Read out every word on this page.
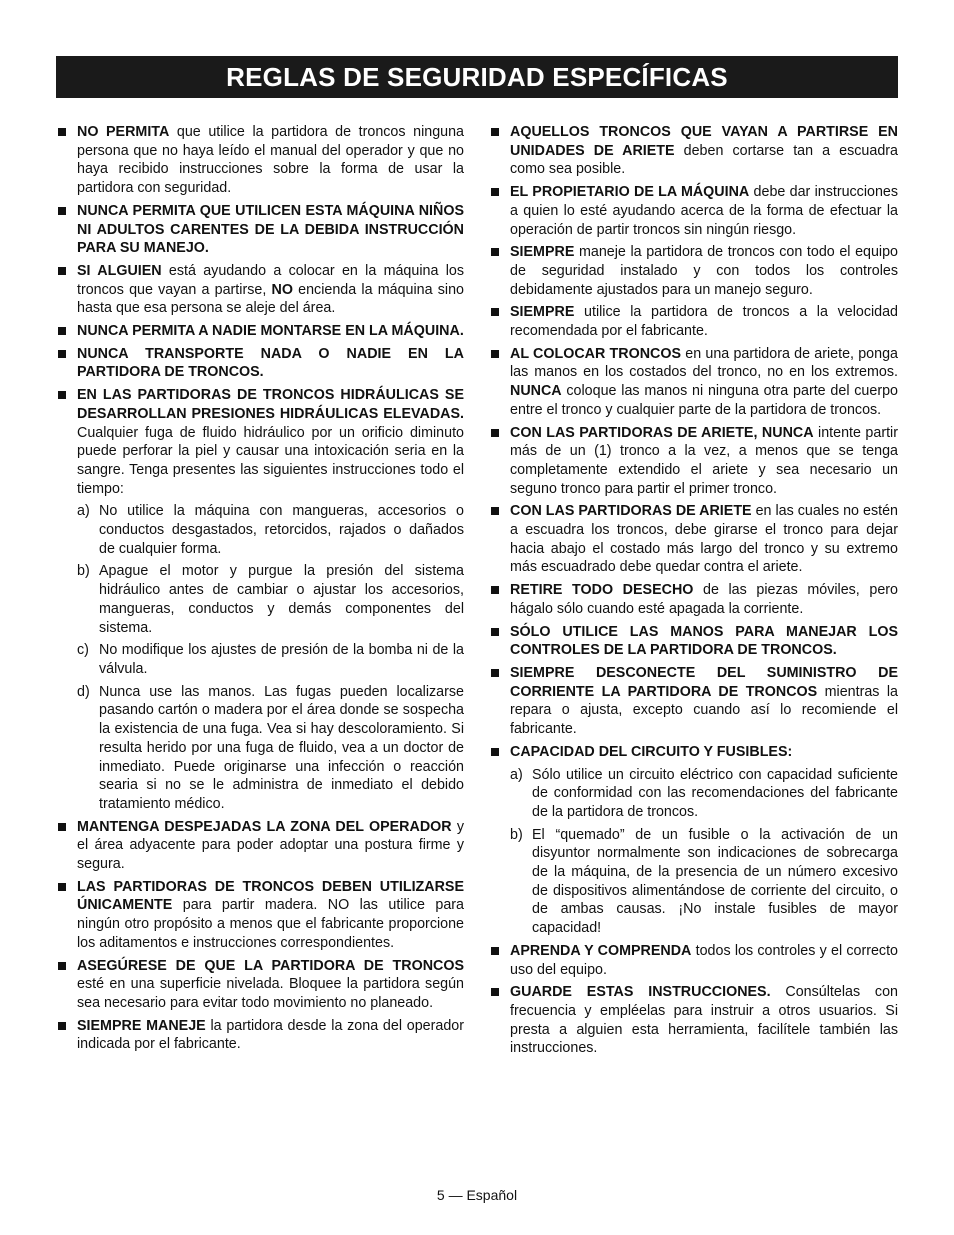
REGLAS DE SEGURIDAD ESPECÍFICAS
NO PERMITA que utilice la partidora de troncos ninguna persona que no haya leído el manual del operador y que no haya recibido instrucciones sobre la forma de usar la partidora con seguridad.
NUNCA PERMITA QUE UTILICEN ESTA MÁQUINA NIÑOS NI ADULTOS CARENTES DE LA DEBIDA INSTRUCCIÓN PARA SU MANEJO.
SI ALGUIEN está ayudando a colocar en la máquina los troncos que vayan a partirse, NO encienda la máquina sino hasta que esa persona se aleje del área.
NUNCA PERMITA A NADIE MONTARSE EN LA MÁQUINA.
NUNCA TRANSPORTE NADA O NADIE EN LA PARTIDORA DE TRONCOS.
EN LAS PARTIDORAS DE TRONCOS HIDRÁULICAS SE DESARROLLAN PRESIONES HIDRÁULICAS ELEVADAS. Cualquier fuga de fluido hidráulico por un orificio diminuto puede perforar la piel y causar una intoxicación seria en la sangre. Tenga presentes las siguientes instrucciones todo el tiempo:
a) No utilice la máquina con mangueras, accesorios o conductos desgastados, retorcidos, rajados o dañados de cualquier forma.
b) Apague el motor y purgue la presión del sistema hidráulico antes de cambiar o ajustar los accesorios, mangueras, conductos y demás componentes del sistema.
c) No modifique los ajustes de presión de la bomba ni de la válvula.
d) Nunca use las manos. Las fugas pueden localizarse pasando cartón o madera por el área donde se sospecha la existencia de una fuga. Vea si hay descoloramiento. Si resulta herido por una fuga de fluido, vea a un doctor de inmediato. Puede originarse una infección o reacción searia si no se le administra de inmediato el debido tratamiento médico.
MANTENGA DESPEJADAS LA ZONA DEL OPERADOR y el área adyacente para poder adoptar una postura firme y segura.
LAS PARTIDORAS DE TRONCOS DEBEN UTILIZARSE ÚNICAMENTE para partir madera. NO las utilice para ningún otro propósito a menos que el fabricante proporcione los aditamentos e instrucciones correspondientes.
ASEGÚRESE DE QUE LA PARTIDORA DE TRONCOS esté en una superficie nivelada. Bloquee la partidora según sea necesario para evitar todo movimiento no planeado.
SIEMPRE MANEJE la partidora desde la zona del operador indicada por el fabricante.
AQUELLOS TRONCOS QUE VAYAN A PARTIRSE EN UNIDADES DE ARIETE deben cortarse tan a escuadra como sea posible.
EL PROPIETARIO DE LA MÁQUINA debe dar instrucciones a quien lo esté ayudando acerca de la forma de efectuar la operación de partir troncos sin ningún riesgo.
SIEMPRE maneje la partidora de troncos con todo el equipo de seguridad instalado y con todos los controles debidamente ajustados para un manejo seguro.
SIEMPRE utilice la partidora de troncos a la velocidad recomendada por el fabricante.
AL COLOCAR TRONCOS en una partidora de ariete, ponga las manos en los costados del tronco, no en los extremos. NUNCA coloque las manos ni ninguna otra parte del cuerpo entre el tronco y cualquier parte de la partidora de troncos.
CON LAS PARTIDORAS DE ARIETE, NUNCA intente partir más de un (1) tronco a la vez, a menos que se tenga completamente extendido el ariete y sea necesario un seguno tronco para partir el primer tronco.
CON LAS PARTIDORAS DE ARIETE en las cuales no estén a escuadra los troncos, debe girarse el tronco para dejar hacia abajo el costado más largo del tronco y su extremo más escuadrado debe quedar contra el ariete.
RETIRE TODO DESECHO de las piezas móviles, pero hágalo sólo cuando esté apagada la corriente.
SÓLO UTILICE LAS MANOS PARA MANEJAR LOS CONTROLES DE LA PARTIDORA DE TRONCOS.
SIEMPRE DESCONECTE DEL SUMINISTRO DE CORRIENTE LA PARTIDORA DE TRONCOS mientras la repara o ajusta, excepto cuando así lo recomiende el fabricante.
CAPACIDAD DEL CIRCUITO Y FUSIBLES:
a) Sólo utilice un circuito eléctrico con capacidad suficiente de conformidad con las recomendaciones del fabricante de la partidora de troncos.
b) El “quemado” de un fusible o la activación de un disyuntor normalmente son indicaciones de sobrecarga de la máquina, de la presencia de un número excesivo de dispositivos alimentándose de corriente del circuito, o de ambas causas. ¡No instale fusibles de mayor capacidad!
APRENDA Y COMPRENDA todos los controles y el correcto uso del equipo.
GUARDE ESTAS INSTRUCCIONES. Consúltelas con frecuencia y empléelas para instruir a otros usuarios. Si presta a alguien esta herramienta, facilítele también las instrucciones.
5 — Español
